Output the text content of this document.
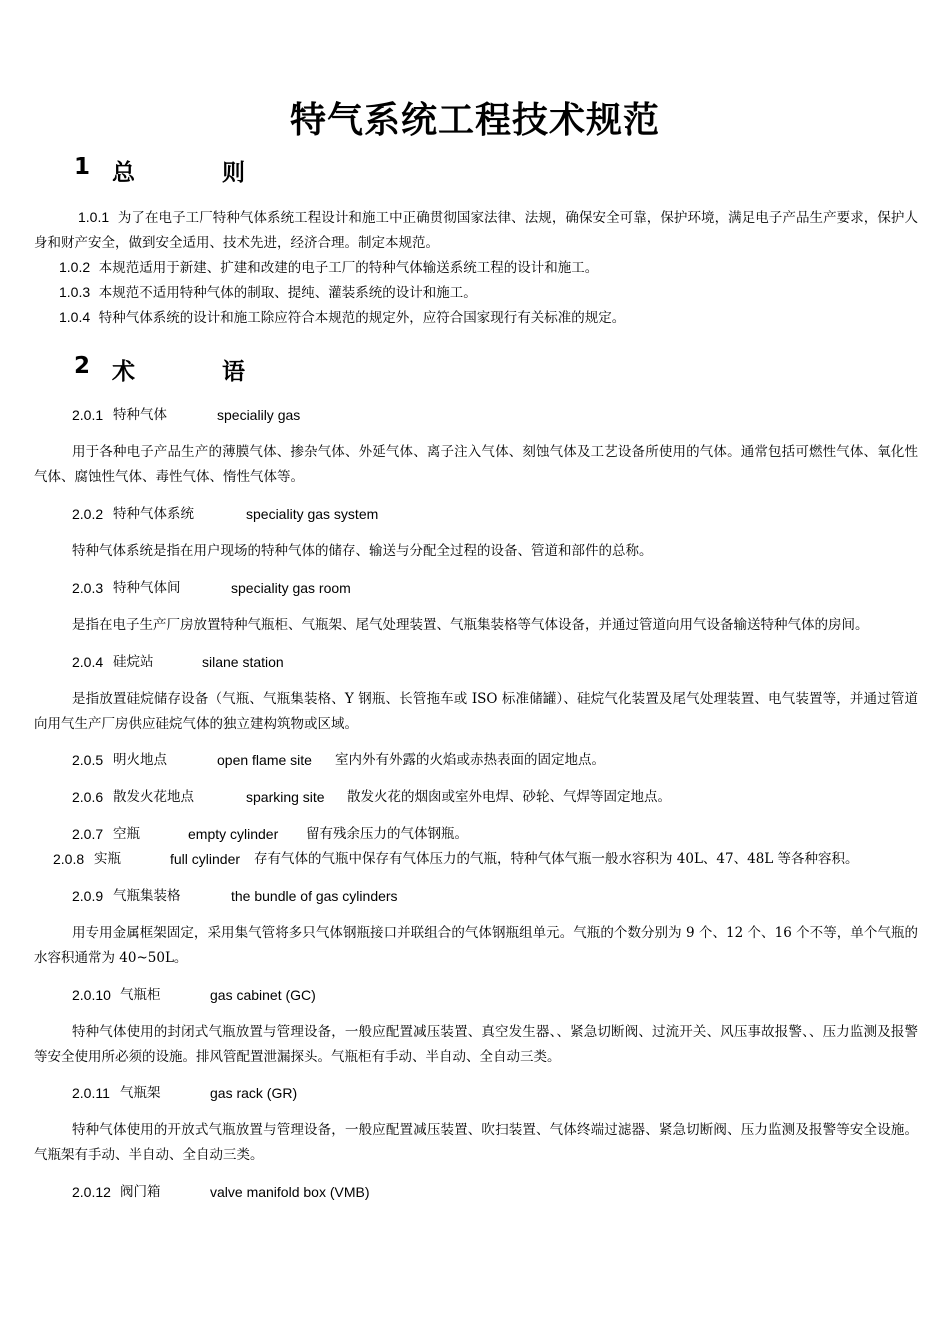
特气系统工程技术规范
1 总	则
1.0.1 为了在电子工厂特种气体系统工程设计和施工中正确贯彻国家法律、法规，确保安全可靠，保护环境，满足电子产品生产要求，保护人身和财产安全，做到安全适用、技术先进，经济合理。制定本规范。
1.0.2 本规范适用于新建、扩建和改建的电子工厂的特种气体输送系统工程的设计和施工。
1.0.3 本规范不适用特种气体的制取、提纯、灌装系统的设计和施工。
1.0.4 特种气体系统的设计和施工除应符合本规范的规定外，应符合国家现行有关标准的规定。
2 术	语
2.0.1 特种气体	specialily gas
用于各种电子产品生产的薄膜气体、掺杂气体、外延气体、离子注入气体、刻蚀气体及工艺设备所使用的气体。通常包括可燃性气体、氧化性气体、腐蚀性气体、毒性气体、惰性气体等。
2.0.2 特种气体系统	speciality gas system
特种气体系统是指在用户现场的特种气体的储存、输送与分配全过程的设备、管道和部件的总称。
2.0.3 特种气体间	speciality gas room
是指在电子生产厂房放置特种气瓶柜、气瓶架、尾气处理装置、气瓶集装格等气体设备，并通过管道向用气设备输送特种气体的房间。
2.0.4 硅烷站	silane station
是指放置硅烷储存设备（气瓶、气瓶集装格、Y 钢瓶、长管拖车或 ISO 标准储罐）、硅烷气化装置及尾气处理装置、电气装置等，并通过管道向用气生产厂房供应硅烷气体的独立建构筑物或区域。
2.0.5 明火地点	open flame site 室内外有外露的火焰或赤热表面的固定地点。
2.0.6 散发火花地点	sparking site 散发火花的烟囱或室外电焊、砂轮、气焊等固定地点。
2.0.7 空瓶	empty cylinder 留有残余压力的气体钢瓶。
2.0.8 实瓶	full cylinder 存有气体的气瓶中保存有气体压力的气瓶，特种气体气瓶一般水容积为 40L、47、48L 等各种容积。
2.0.9 气瓶集装格	the bundle of gas cylinders
用专用金属框架固定，采用集气管将多只气体钢瓶接口并联组合的气体钢瓶组单元。气瓶的个数分别为 9 个、12 个、16 个不等，单个气瓶的水容积通常为 40~50L。
2.0.10 气瓶柜	gas cabinet (GC)
特种气体使用的封闭式气瓶放置与管理设备，一般应配置减压装置、真空发生器、、紧急切断阀、过流开关、风压事故报警、、压力监测及报警等安全使用所必须的设施。排风管配置泄漏探头。气瓶柜有手动、半自动、全自动三类。
2.0.11 气瓶架	gas rack (GR)
特种气体使用的开放式气瓶放置与管理设备，一般应配置减压装置、吹扫装置、气体终端过滤器、紧急切断阀、压力监测及报警等安全设施。气瓶架有手动、半自动、全自动三类。
2.0.12 阀门箱	valve manifold box (VMB)
